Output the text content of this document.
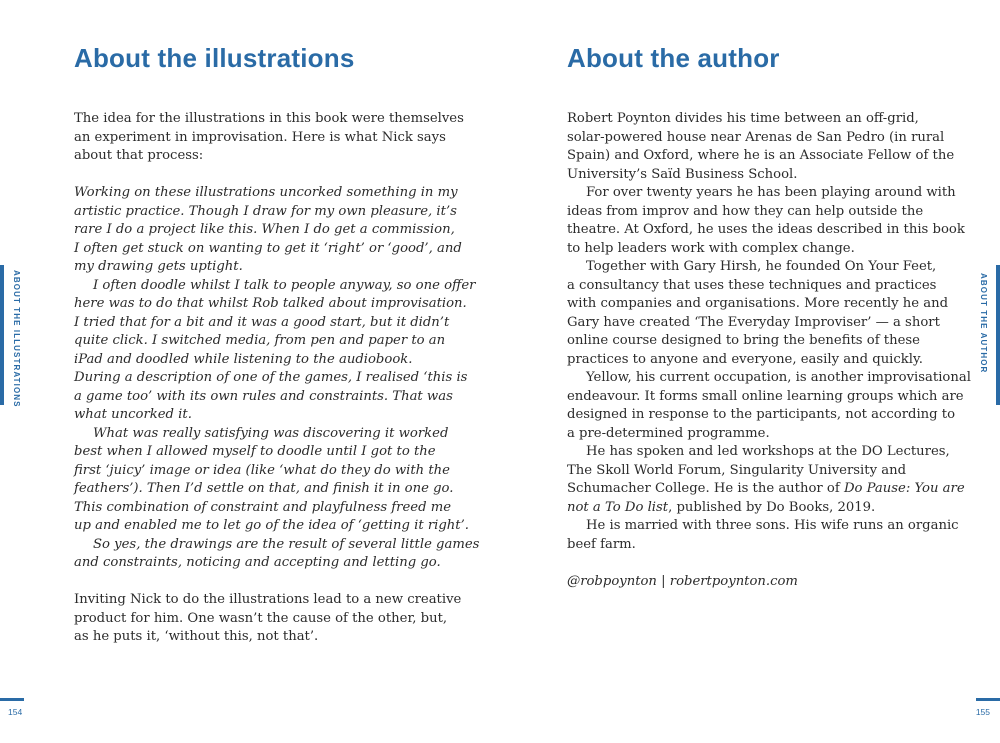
About the illustrations

The idea for the illustrations in this book were themselves
an experiment in improvisation. Here is what Nick says
about that process:

Working on these illustrations uncorked something in my
artistic practice. Though I draw for my own pleasure, it’s
rare I do a project like this. When I do get a commission,
I often get stuck on wanting to get it ‘right’ or ‘good’, and
my drawing gets uptight.

I often doodle whilst I talk to people anyway, so one offer
here was to do that whilst Rob talked about improvisation.
I tried that for a bit and it was a good start, but it didn’t
quite click. I switched media, from pen and paper to an
iPad and doodled while listening to the audiobook.
During a description of one of the games, I realised ‘this is
a game too’ with its own rules and constraints. That was
what uncorked it.

What was really satisfying was discovering it worked
best when I allowed myself to doodle until I got to the
first ‘juicy’ image or idea (like ‘what do they do with the
feathers’). Then I’d settle on that, and finish it in one go.
This combination of constraint and playfulness freed me
up and enabled me to let go of the idea of ‘getting it right’.

So yes, the drawings are the result of several little games
and constraints, noticing and accepting and letting go.

Inviting Nick to do the illustrations lead to a new creative
product for him. One wasn’t the cause of the other, but,
as he puts it, ‘without this, not that’.

ABOUT THE ILLUSTRATIONS
154
About the author

Robert Poynton divides his time between an off-grid,
solar-powered house near Arenas de San Pedro (in rural
Spain) and Oxford, where he is an Associate Fellow of the
University’s Saïd Business School.

For over twenty years he has been playing around with
ideas from improv and how they can help outside the
theatre. At Oxford, he uses the ideas described in this book
to help leaders work with complex change.

Together with Gary Hirsh, he founded On Your Feet,
a consultancy that uses these techniques and practices
with companies and organisations. More recently he and
Gary have created ‘The Everyday Improviser’ — a short
online course designed to bring the benefits of these
practices to anyone and everyone, easily and quickly.

Yellow, his current occupation, is another improvisational
endeavour. It forms small online learning groups which are
designed in response to the participants, not according to
a pre-determined programme.

He has spoken and led workshops at the DO Lectures,
The Skoll World Forum, Singularity University and
Schumacher College. He is the author of Do Pause: You are
not a To Do list, published by Do Books, 2019.

He is married with three sons. His wife runs an organic
beef farm.

@robpoynton | robertpoynton.com

ABOUT THE AUTHOR
155
